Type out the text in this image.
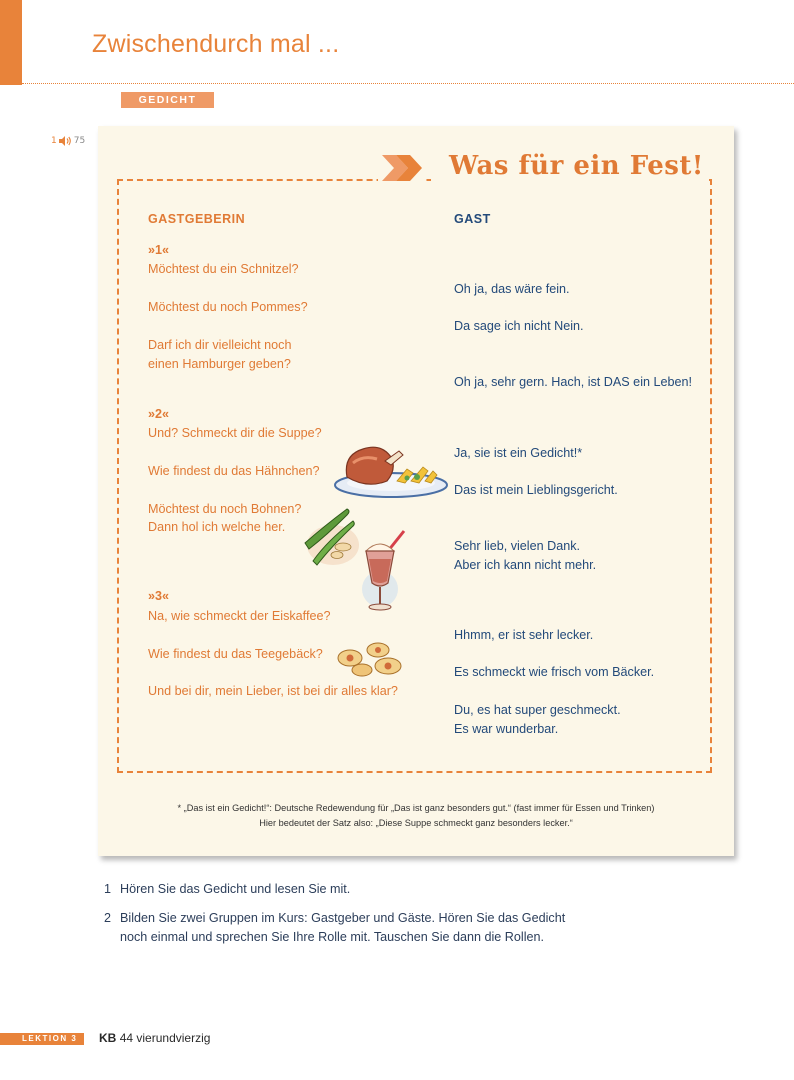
Zwischendurch mal ...
GEDICHT
1 75
Was für ein Fest!
GASTGEBERIN	GAST
»1«
Möchtest du ein Schnitzel?
Möchtest du noch Pommes?
Darf ich dir vielleicht noch
einen Hamburger geben?
Oh ja, das wäre fein.
Da sage ich nicht Nein.
Oh ja, sehr gern. Hach, ist DAS ein Leben!
»2«
Und? Schmeckt dir die Suppe?
Wie findest du das Hähnchen?
Möchtest du noch Bohnen?
Dann hol ich welche her.
Ja, sie ist ein Gedicht!*
Das ist mein Lieblingsgericht.
Sehr lieb, vielen Dank.
Aber ich kann nicht mehr.
»3«
Na, wie schmeckt der Eiskaffee?
Wie findest du das Teegebäck?
Und bei dir, mein Lieber, ist bei dir alles klar?
Hhmm, er ist sehr lecker.
Es schmeckt wie frisch vom Bäcker.
Du, es hat super geschmeckt.
Es war wunderbar.
* „Das ist ein Gedicht!“: Deutsche Redewendung für „Das ist ganz besonders gut.“ (fast immer für Essen und Trinken)
Hier bedeutet der Satz also: „Diese Suppe schmeckt ganz besonders lecker.“
1 Hören Sie das Gedicht und lesen Sie mit.
2 Bilden Sie zwei Gruppen im Kurs: Gastgeber und Gäste. Hören Sie das Gedicht
noch einmal und sprechen Sie Ihre Rolle mit. Tauschen Sie dann die Rollen.
LEKTION 3	KB 44 vierundvierzig
